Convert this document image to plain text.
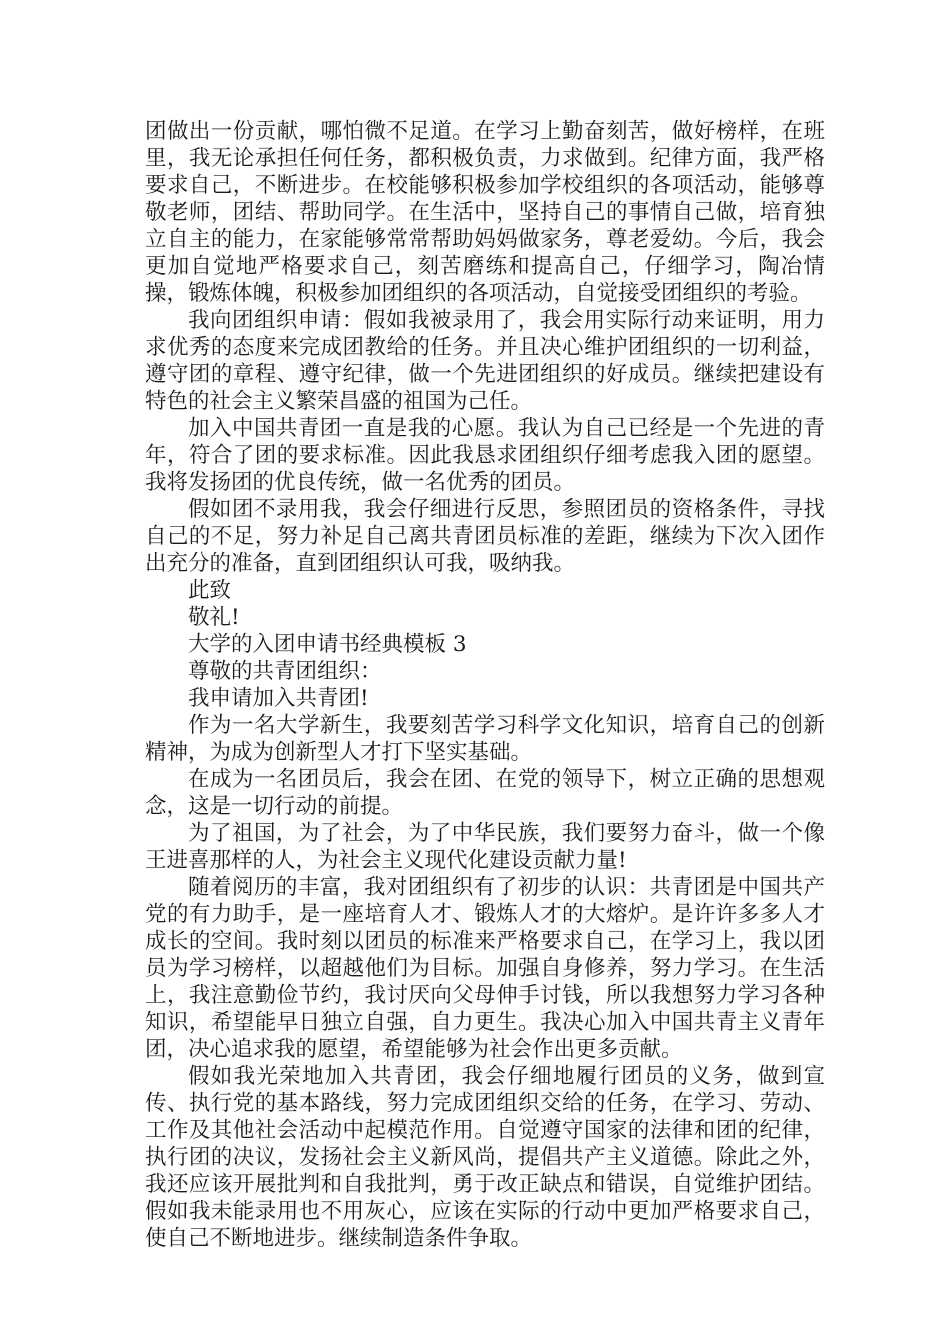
团做出一份贡献，哪怕微不足道。在学习上勤奋刻苦，做好榜样，在班里，我无论承担任何任务，都积极负责，力求做到。纪律方面，我严格要求自己，不断进步。在校能够积极参加学校组织的各项活动，能够尊敬老师，团结、帮助同学。在生活中，坚持自己的事情自己做，培育独立自主的能力，在家能够常常帮助妈妈做家务，尊老爱幼。今后，我会更加自觉地严格要求自己，刻苦磨练和提高自己，仔细学习，陶冶情操，锻炼体魄，积极参加团组织的各项活动，自觉接受团组织的考验。

我向团组织申请：假如我被录用了，我会用实际行动来证明，用力求优秀的态度来完成团教给的任务。并且决心维护团组织的一切利益，遵守团的章程、遵守纪律，做一个先进团组织的好成员。继续把建设有特色的社会主义繁荣昌盛的祖国为己任。

加入中国共青团一直是我的心愿。我认为自己已经是一个先进的青年，符合了团的要求标准。因此我恳求团组织仔细考虑我入团的愿望。我将发扬团的优良传统，做一名优秀的团员。

假如团不录用我，我会仔细进行反思，参照团员的资格条件，寻找自己的不足，努力补足自己离共青团员标准的差距，继续为下次入团作出充分的准备，直到团组织认可我，吸纳我。

此致

敬礼!

大学的入团申请书经典模板 3

尊敬的共青团组织：

我申请加入共青团!

作为一名大学新生，我要刻苦学习科学文化知识，培育自己的创新精神，为成为创新型人才打下坚实基础。

在成为一名团员后，我会在团、在党的领导下，树立正确的思想观念，这是一切行动的前提。

为了祖国，为了社会，为了中华民族，我们要努力奋斗，做一个像王进喜那样的人，为社会主义现代化建设贡献力量!

随着阅历的丰富，我对团组织有了初步的认识：共青团是中国共产党的有力助手，是一座培育人才、锻炼人才的大熔炉。是许许多多人才成长的空间。我时刻以团员的标准来严格要求自己，在学习上，我以团员为学习榜样，以超越他们为目标。加强自身修养，努力学习。在生活上，我注意勤俭节约，我讨厌向父母伸手讨钱，所以我想努力学习各种知识，希望能早日独立自强，自力更生。我决心加入中国共青主义青年团，决心追求我的愿望，希望能够为社会作出更多贡献。

假如我光荣地加入共青团，我会仔细地履行团员的义务，做到宣传、执行党的基本路线，努力完成团组织交给的任务，在学习、劳动、工作及其他社会活动中起模范作用。自觉遵守国家的法律和团的纪律，执行团的决议，发扬社会主义新风尚，提倡共产主义道德。除此之外，我还应该开展批判和自我批判，勇于改正缺点和错误，自觉维护团结。假如我未能录用也不用灰心，应该在实际的行动中更加严格要求自己，使自己不断地进步。继续制造条件争取。
